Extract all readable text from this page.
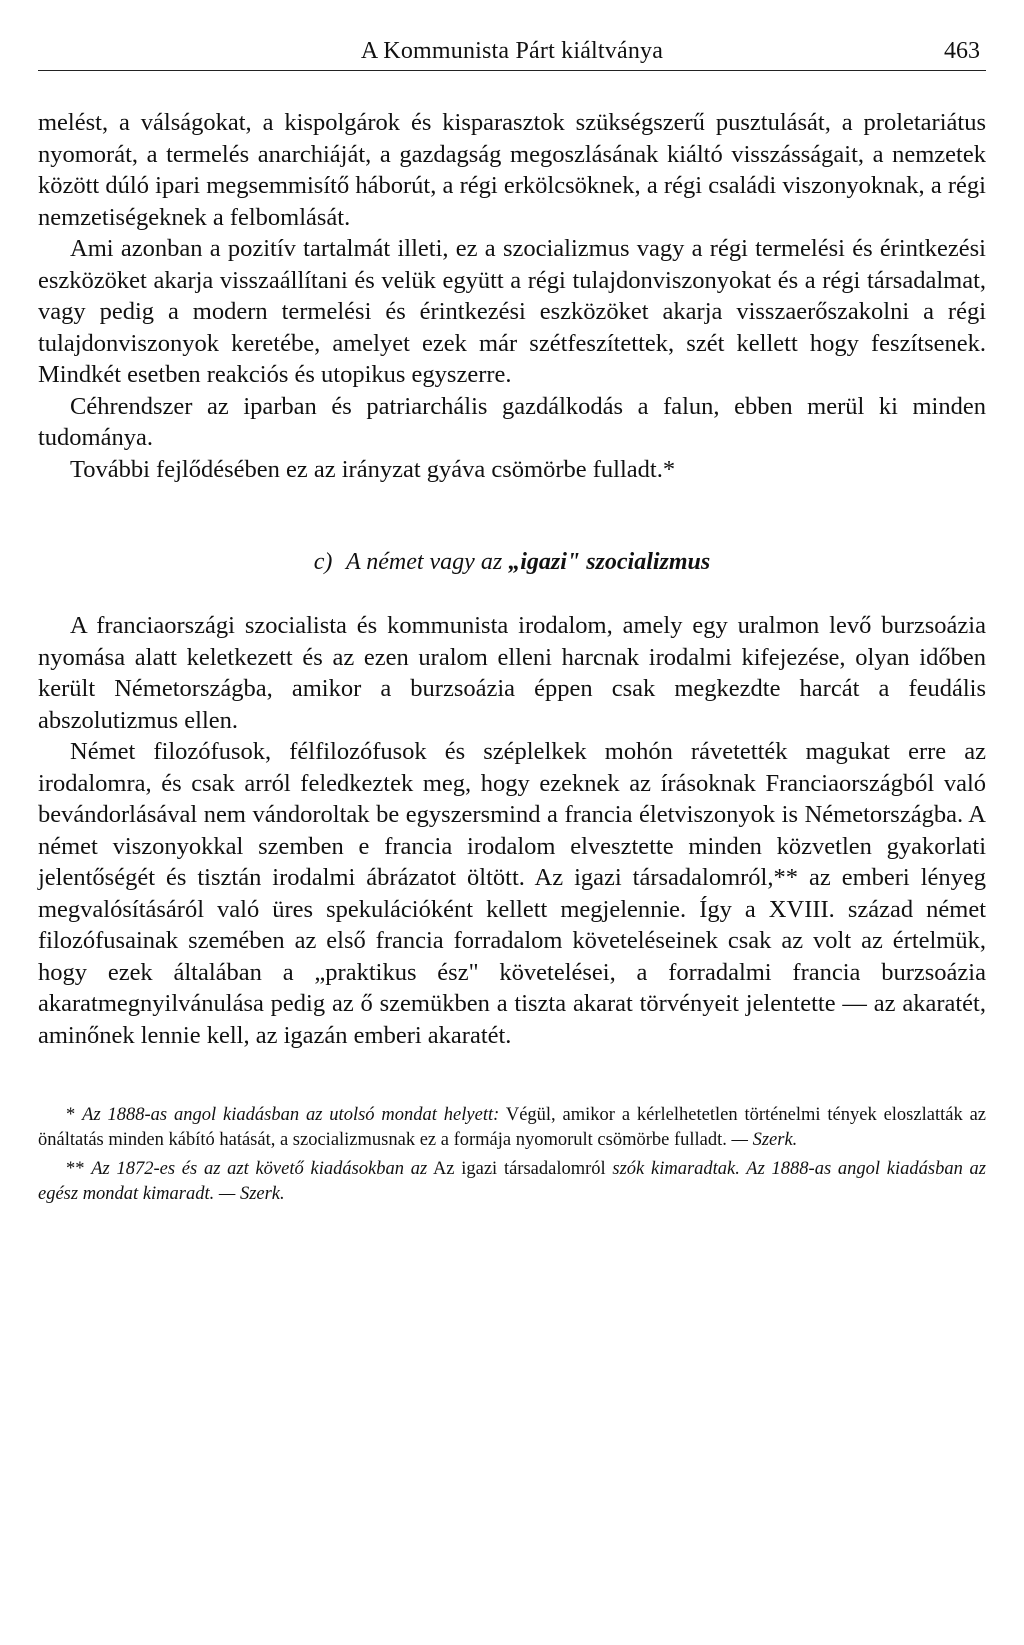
A Kommunista Párt kiáltványa	463

melést, a válságokat, a kispolgárok és kisparasztok szükségszerű pusztulását, a proletariátus nyomorát, a termelés anarchiáját, a gazdagság megoszlásának kiáltó visszásságait, a nemzetek között dúló ipari megsemmisítő háborút, a régi erkölcsöknek, a régi családi viszonyoknak, a régi nemzetiségeknek a felbomlását.

Ami azonban a pozitív tartalmát illeti, ez a szocializmus vagy a régi termelési és érintkezési eszközöket akarja visszaállítani és velük együtt a régi tulajdonviszonyokat és a régi társadalmat, vagy pedig a modern termelési és érintkezési eszközöket akarja visszaerőszakolni a régi tulajdonviszonyok keretébe, amelyet ezek már szétfeszítettek, szét kellett hogy feszítsenek. Mindkét esetben reakciós és utopikus egyszerre.

Céhrendszer az iparban és patriarchális gazdálkodás a falun, ebben merül ki minden tudománya.

További fejlődésében ez az irányzat gyáva csömörbe fulladt.*

c) A német vagy az „igazi" szocializmus

A franciaországi szocialista és kommunista irodalom, amely egy uralmon levő burzsoázia nyomása alatt keletkezett és az ezen uralom elleni harcnak irodalmi kifejezése, olyan időben került Németországba, amikor a burzsoázia éppen csak megkezdte harcát a feudális abszolutizmus ellen.

Német filozófusok, félfilozófusok és széplelkek mohón rávetették magukat erre az irodalomra, és csak arról feledkeztek meg, hogy ezeknek az írásoknak Franciaországból való bevándorlásával nem vándoroltak be egyszersmind a francia életviszonyok is Németországba. A német viszonyokkal szemben e francia irodalom elvesztette minden közvetlen gyakorlati jelentőségét és tisztán irodalmi ábrázatot öltött. Az igazi társadalomról,** az emberi lényeg megvalósításáról való üres spekulációként kellett megjelennie. Így a XVIII. század német filozófusainak szemében az első francia forradalom követeléseinek csak az volt az értelmük, hogy ezek általában a „praktikus ész" követelései, a forradalmi francia burzsoázia akaratmegnyilvánulása pedig az ő szemükben a tiszta akarat törvényeit jelentette — az akaratét, aminőnek lennie kell, az igazán emberi akaratét.

* Az 1888-as angol kiadásban az utolsó mondat helyett: Végül, amikor a kérlelhetetlen történelmi tények eloszlatták az önáltatás minden kábító hatását, a szocializmusnak ez a formája nyomorult csömörbe fulladt. — Szerk.

** Az 1872-es és az azt követő kiadásokban az Az igazi társadalomról szók kimaradtak. Az 1888-as angol kiadásban az egész mondat kimaradt. — Szerk.
